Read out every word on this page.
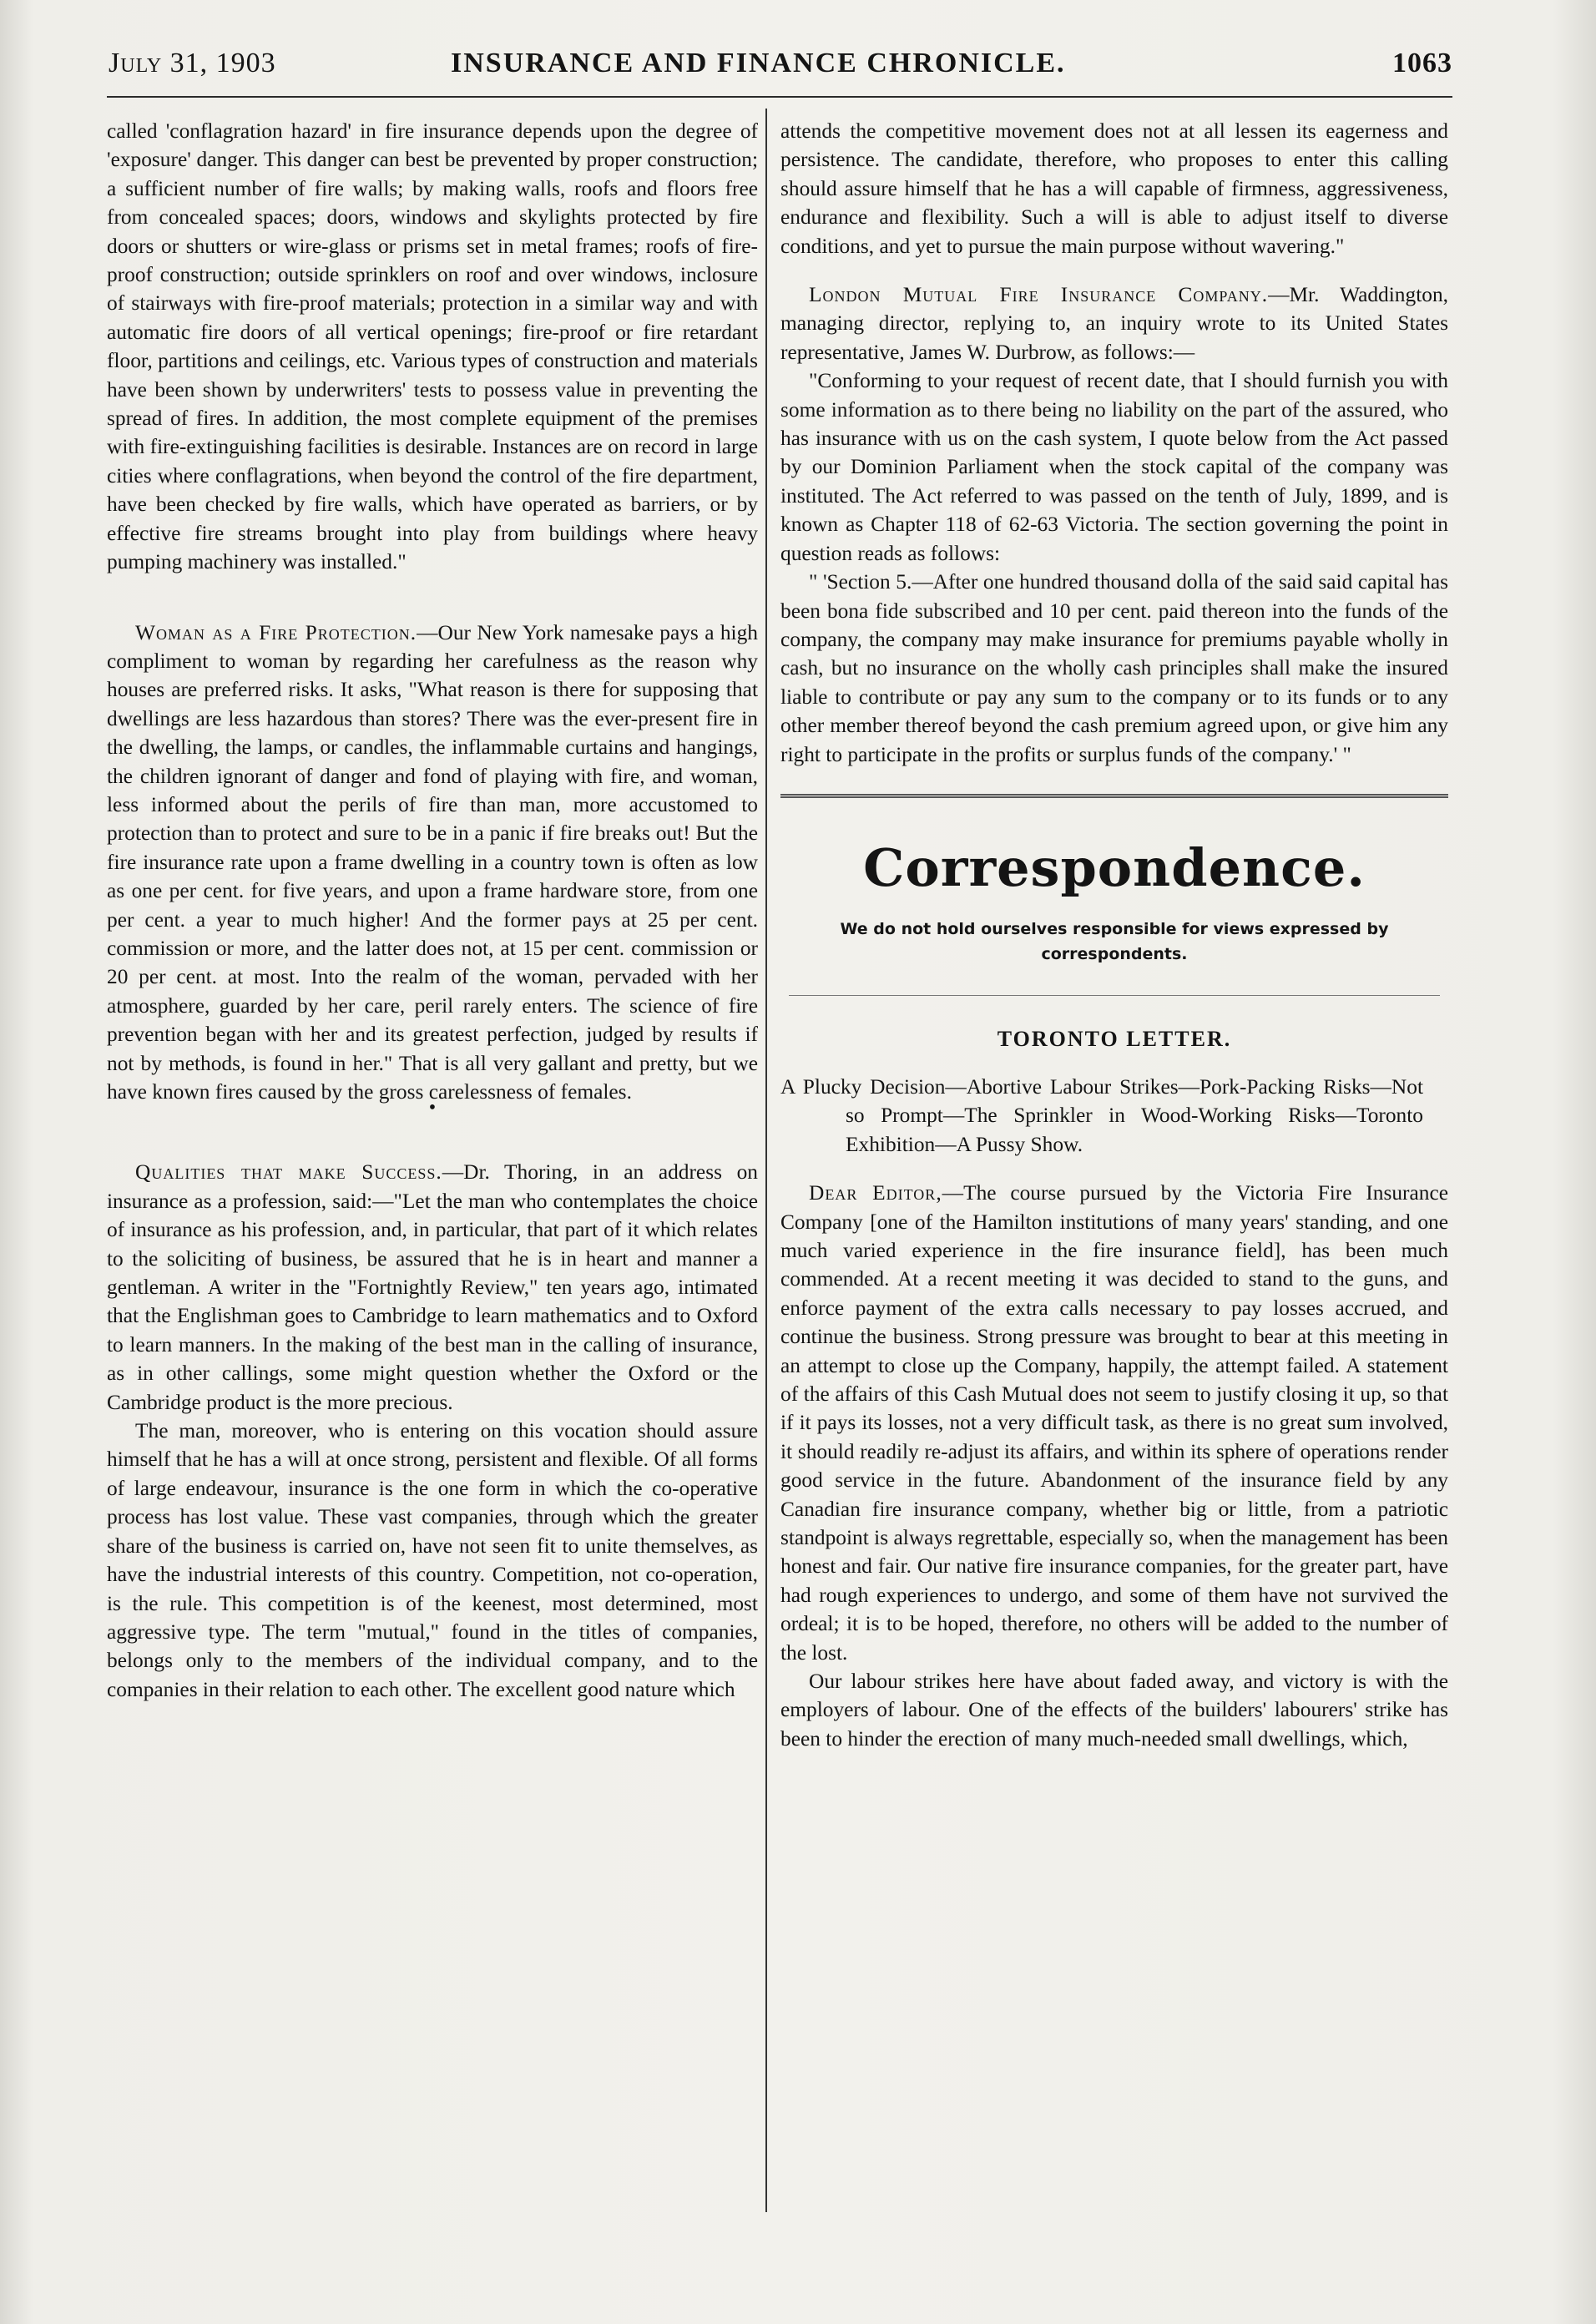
July 31, 1903	INSURANCE AND FINANCE CHRONICLE.	1063

called 'conflagration hazard' in fire insurance depends upon the degree of 'exposure' danger. This danger can best be prevented by proper construction; a sufficient number of fire walls; by making walls, roofs and floors free from concealed spaces; doors, windows and skylights protected by fire doors or shutters or wire-glass or prisms set in metal frames; roofs of fire-proof construction; outside sprinklers on roof and over windows, inclosure of stairways with fire-proof materials; protection in a similar way and with automatic fire doors of all vertical openings; fire-proof or fire retardant floor, partitions and ceilings, etc. Various types of construction and materials have been shown by underwriters' tests to possess value in preventing the spread of fires. In addition, the most complete equipment of the premises with fire-extinguishing facilities is desirable. Instances are on record in large cities where conflagrations, when beyond the control of the fire department, have been checked by fire walls, which have operated as barriers, or by effective fire streams brought into play from buildings where heavy pumping machinery was installed."

Woman as a Fire Protection.—Our New York namesake pays a high compliment to woman by regarding her carefulness as the reason why houses are preferred risks. It asks, "What reason is there for supposing that dwellings are less hazardous than stores? There was the ever-present fire in the dwelling, the lamps, or candles, the inflammable curtains and hangings, the children ignorant of danger and fond of playing with fire, and woman, less informed about the perils of fire than man, more accustomed to protection than to protect and sure to be in a panic if fire breaks out! But the fire insurance rate upon a frame dwelling in a country town is often as low as one per cent. for five years, and upon a frame hardware store, from one per cent. a year to much higher! And the former pays at 25 per cent. commission or more, and the latter does not, at 15 per cent. commission or 20 per cent. at most. Into the realm of the woman, pervaded with her atmosphere, guarded by her care, peril rarely enters. The science of fire prevention began with her and its greatest perfection, judged by results if not by methods, is found in her." That is all very gallant and pretty, but we have known fires caused by the gross carelessness of females.

•

Qualities that make Success.—Dr. Thoring, in an address on insurance as a profession, said:—"Let the man who contemplates the choice of insurance as his profession, and, in particular, that part of it which relates to the soliciting of business, be assured that he is in heart and manner a gentleman. A writer in the "Fortnightly Review," ten years ago, intimated that the Englishman goes to Cambridge to learn mathematics and to Oxford to learn manners. In the making of the best man in the calling of insurance, as in other callings, some might question whether the Oxford or the Cambridge product is the more precious.

The man, moreover, who is entering on this vocation should assure himself that he has a will at once strong, persistent and flexible. Of all forms of large endeavour, insurance is the one form in which the co-operative process has lost value. These vast companies, through which the greater share of the business is carried on, have not seen fit to unite themselves, as have the industrial interests of this country. Competition, not co-operation, is the rule. This competition is of the keenest, most determined, most aggressive type. The term "mutual," found in the titles of companies, belongs only to the members of the individual company, and to the companies in their relation to each other. The excellent good nature which

attends the competitive movement does not at all lessen its eagerness and persistence. The candidate, therefore, who proposes to enter this calling should assure himself that he has a will capable of firmness, aggressiveness, endurance and flexibility. Such a will is able to adjust itself to diverse conditions, and yet to pursue the main purpose without wavering."

London Mutual Fire Insurance Company.—Mr. Waddington, managing director, replying to, an inquiry wrote to its United States representative, James W. Durbrow, as follows:—

"Conforming to your request of recent date, that I should furnish you with some information as to there being no liability on the part of the assured, who has insurance with us on the cash system, I quote below from the Act passed by our Dominion Parliament when the stock capital of the company was instituted. The Act referred to was passed on the tenth of July, 1899, and is known as Chapter 118 of 62-63 Victoria. The section governing the point in question reads as follows:

" 'Section 5.—After one hundred thousand dolla of the said said capital has been bona fide subscribed and 10 per cent. paid thereon into the funds of the company, the company may make insurance for premiums payable wholly in cash, but no insurance on the wholly cash principles shall make the insured liable to contribute or pay any sum to the company or to its funds or to any other member thereof beyond the cash premium agreed upon, or give him any right to participate in the profits or surplus funds of the company.' "

Correspondence.
We do not hold ourselves responsible for views expressed by correspondents.
TORONTO LETTER.

A Plucky Decision—Abortive Labour Strikes—Pork-Packing Risks—Not so Prompt—The Sprinkler in Wood-Working Risks—Toronto Exhibition—A Pussy Show.

Dear Editor,—The course pursued by the Victoria Fire Insurance Company [one of the Hamilton institutions of many years' standing, and one much varied experience in the fire insurance field], has been much commended. At a recent meeting it was decided to stand to the guns, and enforce payment of the extra calls necessary to pay losses accrued, and continue the business. Strong pressure was brought to bear at this meeting in an attempt to close up the Company, happily, the attempt failed. A statement of the affairs of this Cash Mutual does not seem to justify closing it up, so that if it pays its losses, not a very difficult task, as there is no great sum involved, it should readily re-adjust its affairs, and within its sphere of operations render good service in the future. Abandonment of the insurance field by any Canadian fire insurance company, whether big or little, from a patriotic standpoint is always regrettable, especially so, when the management has been honest and fair. Our native fire insurance companies, for the greater part, have had rough experiences to undergo, and some of them have not survived the ordeal; it is to be hoped, therefore, no others will be added to the number of the lost.

Our labour strikes here have about faded away, and victory is with the employers of labour. One of the effects of the builders' labourers' strike has been to hinder the erection of many much-needed small dwellings, which,
